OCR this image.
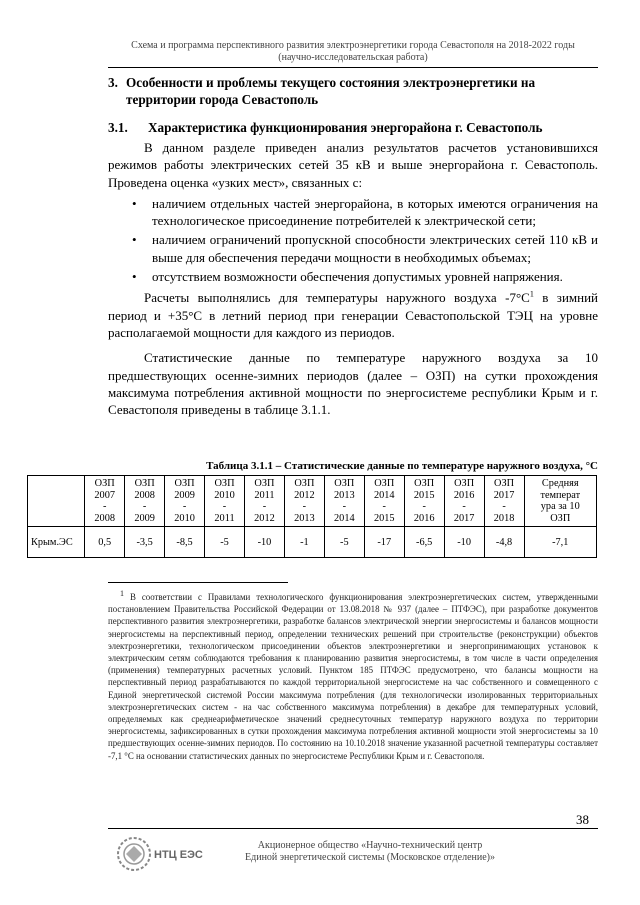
Схема и программа перспективного развития электроэнергетики города Севастополя на 2018-2022 годы
(научно-исследовательская работа)
3. Особенности и проблемы текущего состояния электроэнергетики на
территории города Севастополь
3.1. Характеристика функционирования энергорайона г. Севастополь

В данном разделе приведен анализ результатов расчетов установившихся режимов работы электрических сетей 35 кВ и выше энергорайона г. Севастополь. Проведена оценка «узких мест», связанных с:

• наличием отдельных частей энергорайона, в которых имеются ограничения на технологическое присоединение потребителей к электрической сети;
• наличием ограничений пропускной способности электрических сетей 110 кВ и выше для обеспечения передачи мощности в необходимых объемах;
• отсутствием возможности обеспечения допустимых уровней напряжения.

Расчеты выполнялись для температуры наружного воздуха $-7^\circ С^1$ в зимний период и +35°С в летний период при генерации Севастопольской ТЭЦ на уровне располагаемой мощности для каждого из периодов.

Статистические данные по температуре наружного воздуха за 10 предшествующих осенне-зимних периодов (далее – ОЗП) на сутки прохождения максимума потребления активной мощности по энергосистеме республики Крым и г. Севастополя приведены в таблице 3.1.1.

Таблица 3.1.1 – Статистические данные по температуре наружного воздуха, °С
	ОЗП
2007
-
2008	ОЗП
2008
-
2009	ОЗП
2009
-
2010	ОЗП
2010
-
2011	ОЗП
2011
-
2012	ОЗП
2012
-
2013	ОЗП
2013
-
2014	ОЗП
2014
-
2015	ОЗП
2015
-
2016	ОЗП
2016
-
2017	ОЗП
2017
-
2018	Средняя
температ
ура за 10
ОЗП
Крым.ЭС	0,5	-3,5	-8,5	-5	-10	-1	-5	-17	-6,5	-10	-4,8	-7,1

$^1$ В соответствии с Правилами технологического функционирования электроэнергетических систем, утвержденными постановлением Правительства Российской Федерации от 13.08.2018 № 937 (далее – ПТФЭС), при разработке документов перспективного развития электроэнергетики, разработке балансов электрической энергии энергосистемы и балансов мощности энергосистемы на перспективный период, определении технических решений при строительстве (реконструкции) объектов электроэнергетики, технологическом присоединении объектов электроэнергетики и энергопринимающих установок к электрическим сетям соблюдаются требования к планированию развития энергосистемы, в том числе в части определения (применения) температурных расчетных условий. Пунктом 185 ПТФЭС предусмотрено, что балансы мощности на перспективный период разрабатываются по каждой территориальной энергосистеме на час собственного и совмещенного с Единой энергетической системой России максимума потребления (для технологически изолированных территориальных электроэнергетических систем - на час собственного максимума потребления) в декабре для температурных условий, определяемых как среднеарифметическое значений среднесуточных температур наружного воздуха по территории энергосистемы, зафиксированных в сутки прохождения максимума потребления активной мощности этой энергосистемы за 10 предшествующих осенне-зимних периодов. По состоянию на 10.10.2018 значение указанной расчетной температуры составляет -7,1 °С на основании статистических данных по энергосистеме Республики Крым и г. Севастополя.

38
НТЦ ЕЭС
Акционерное общество «Научно-технический центр
Единой энергетической системы (Московское отделение)»
